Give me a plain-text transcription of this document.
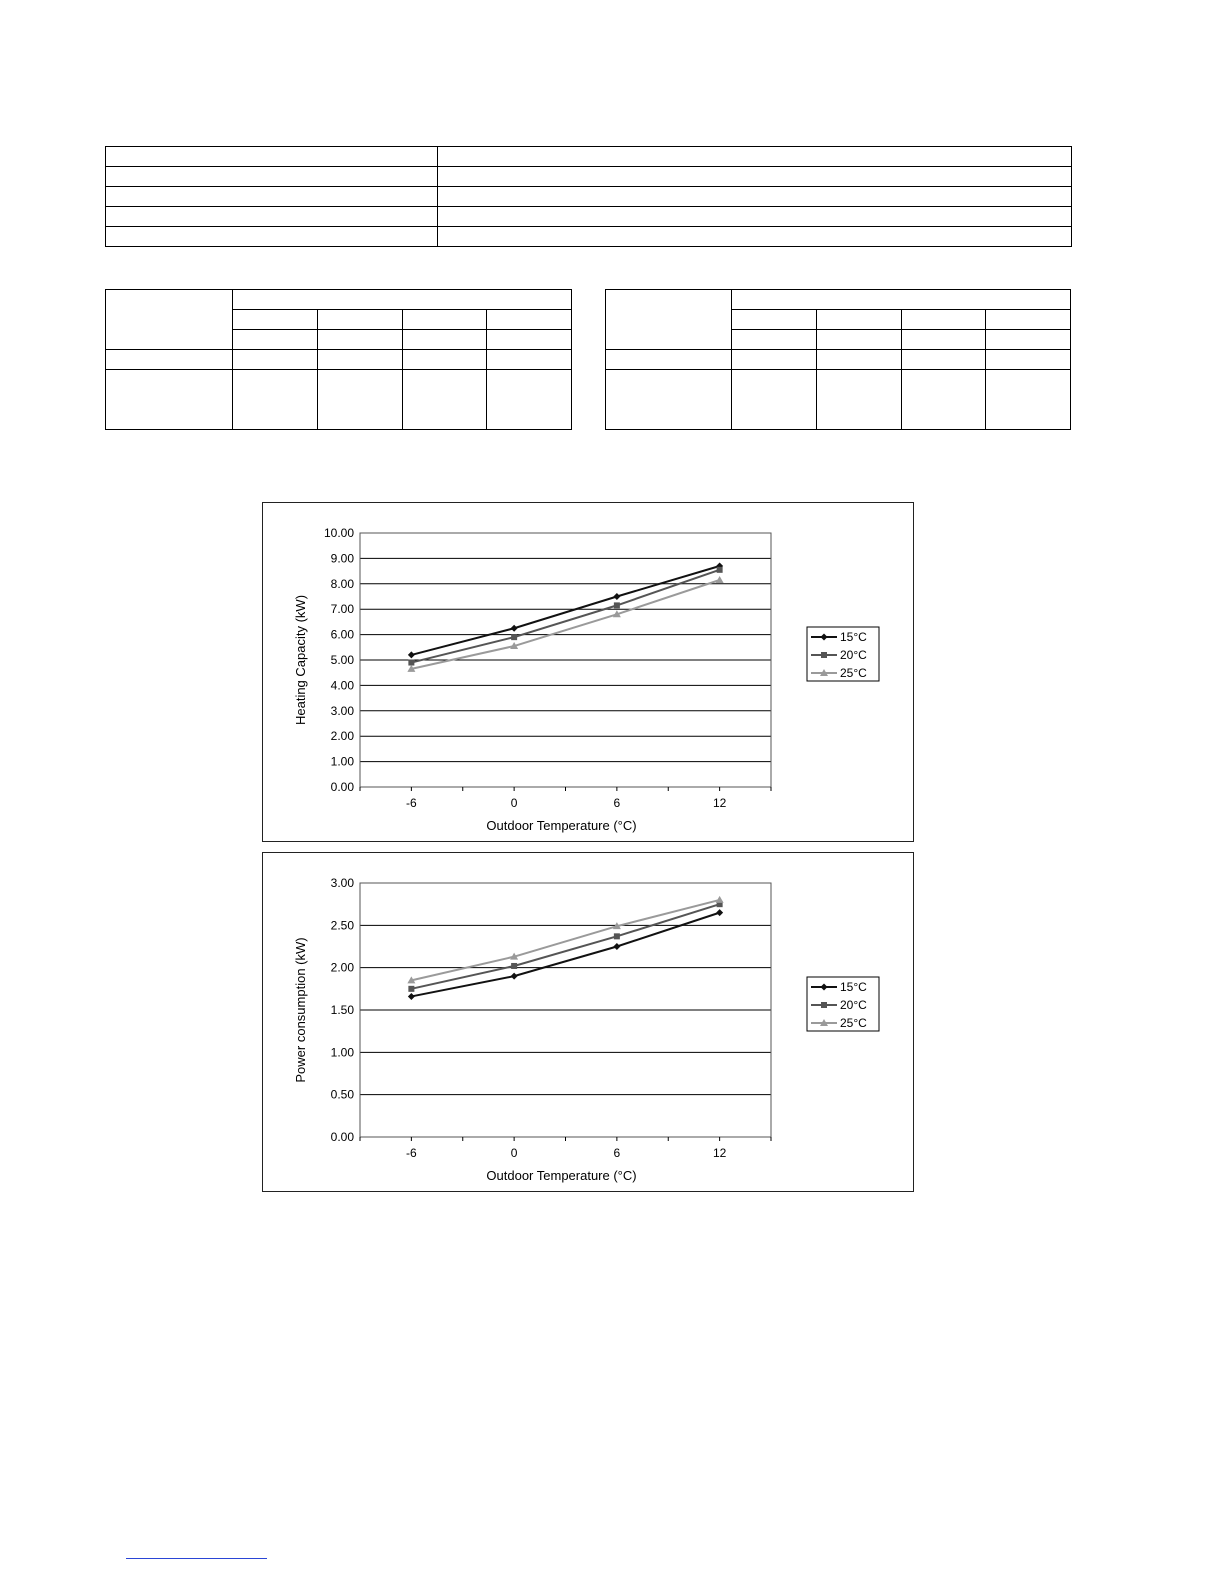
0.00
1.00
2.00
3.00
4.00
5.00
6.00
7.00
8.00
9.00
10.00
-6	0	6	12
Outdoor Temperature (°C)
Heating Capacity (kW)	15°C
20°C
25°C
0.00
0.50
1.00
1.50
2.00
2.50
3.00
-6	0	6	12
Outdoor Temperature (°C)
Power consumption (kW)	15°C
20°C
25°C
